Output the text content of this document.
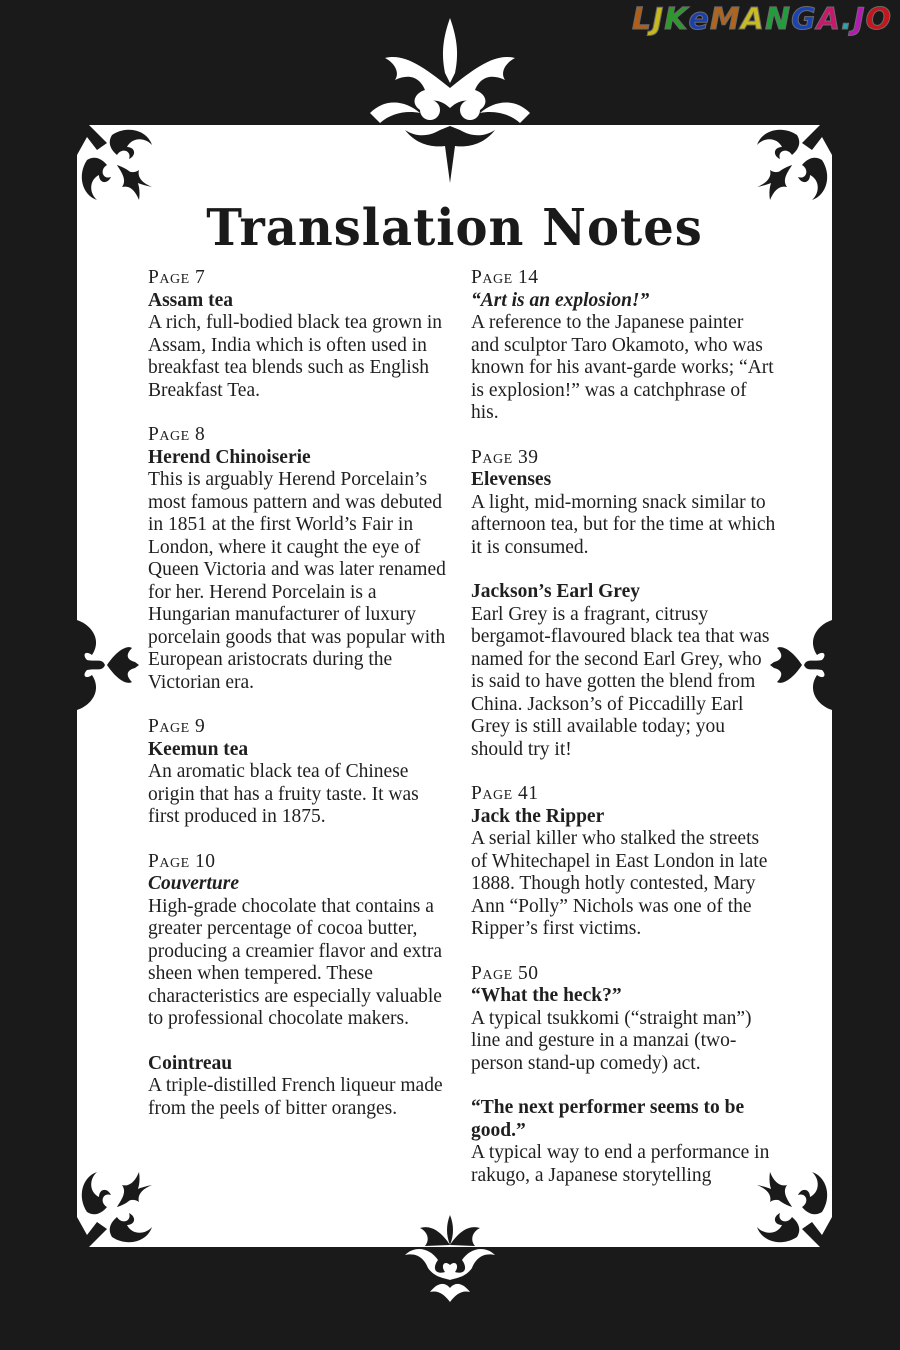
LJKeMANGA.JO
Translation Notes
Page 7
Assam tea
A rich, full-bodied black tea grown in Assam, India which is often used in breakfast tea blends such as English Breakfast Tea.
Page 8
Herend Chinoiserie
This is arguably Herend Porcelain’s most famous pattern and was debuted in 1851 at the first World’s Fair in London, where it caught the eye of Queen Victoria and was later renamed for her. Herend Porcelain is a Hungarian manufacturer of luxury porcelain goods that was popular with European aristocrats during the Victorian era.
Page 9
Keemun tea
An aromatic black tea of Chinese origin that has a fruity taste. It was first produced in 1875.
Page 10
Couverture
High-grade chocolate that contains a greater percentage of cocoa butter, producing a creamier flavor and extra sheen when tempered. These characteristics are especially valuable to professional chocolate makers.
Cointreau
A triple-distilled French liqueur made from the peels of bitter oranges.
Page 14
“Art is an explosion!”
A reference to the Japanese painter and sculptor Taro Okamoto, who was known for his avant-garde works; “Art is explosion!” was a catchphrase of his.
Page 39
Elevenses
A light, mid-morning snack similar to afternoon tea, but for the time at which it is consumed.
Jackson’s Earl Grey
Earl Grey is a fragrant, citrusy bergamot-flavoured black tea that was named for the second Earl Grey, who is said to have gotten the blend from China. Jackson’s of Piccadilly Earl Grey is still available today; you should try it!
Page 41
Jack the Ripper
A serial killer who stalked the streets of Whitechapel in East London in late 1888. Though hotly contested, Mary Ann “Polly” Nichols was one of the Ripper’s first victims.
Page 50
“What the heck?”
A typical tsukkomi (“straight man”) line and gesture in a manzai (two-person stand-up comedy) act.
“The next performer seems to be good.”
A typical way to end a performance in rakugo, a Japanese storytelling
